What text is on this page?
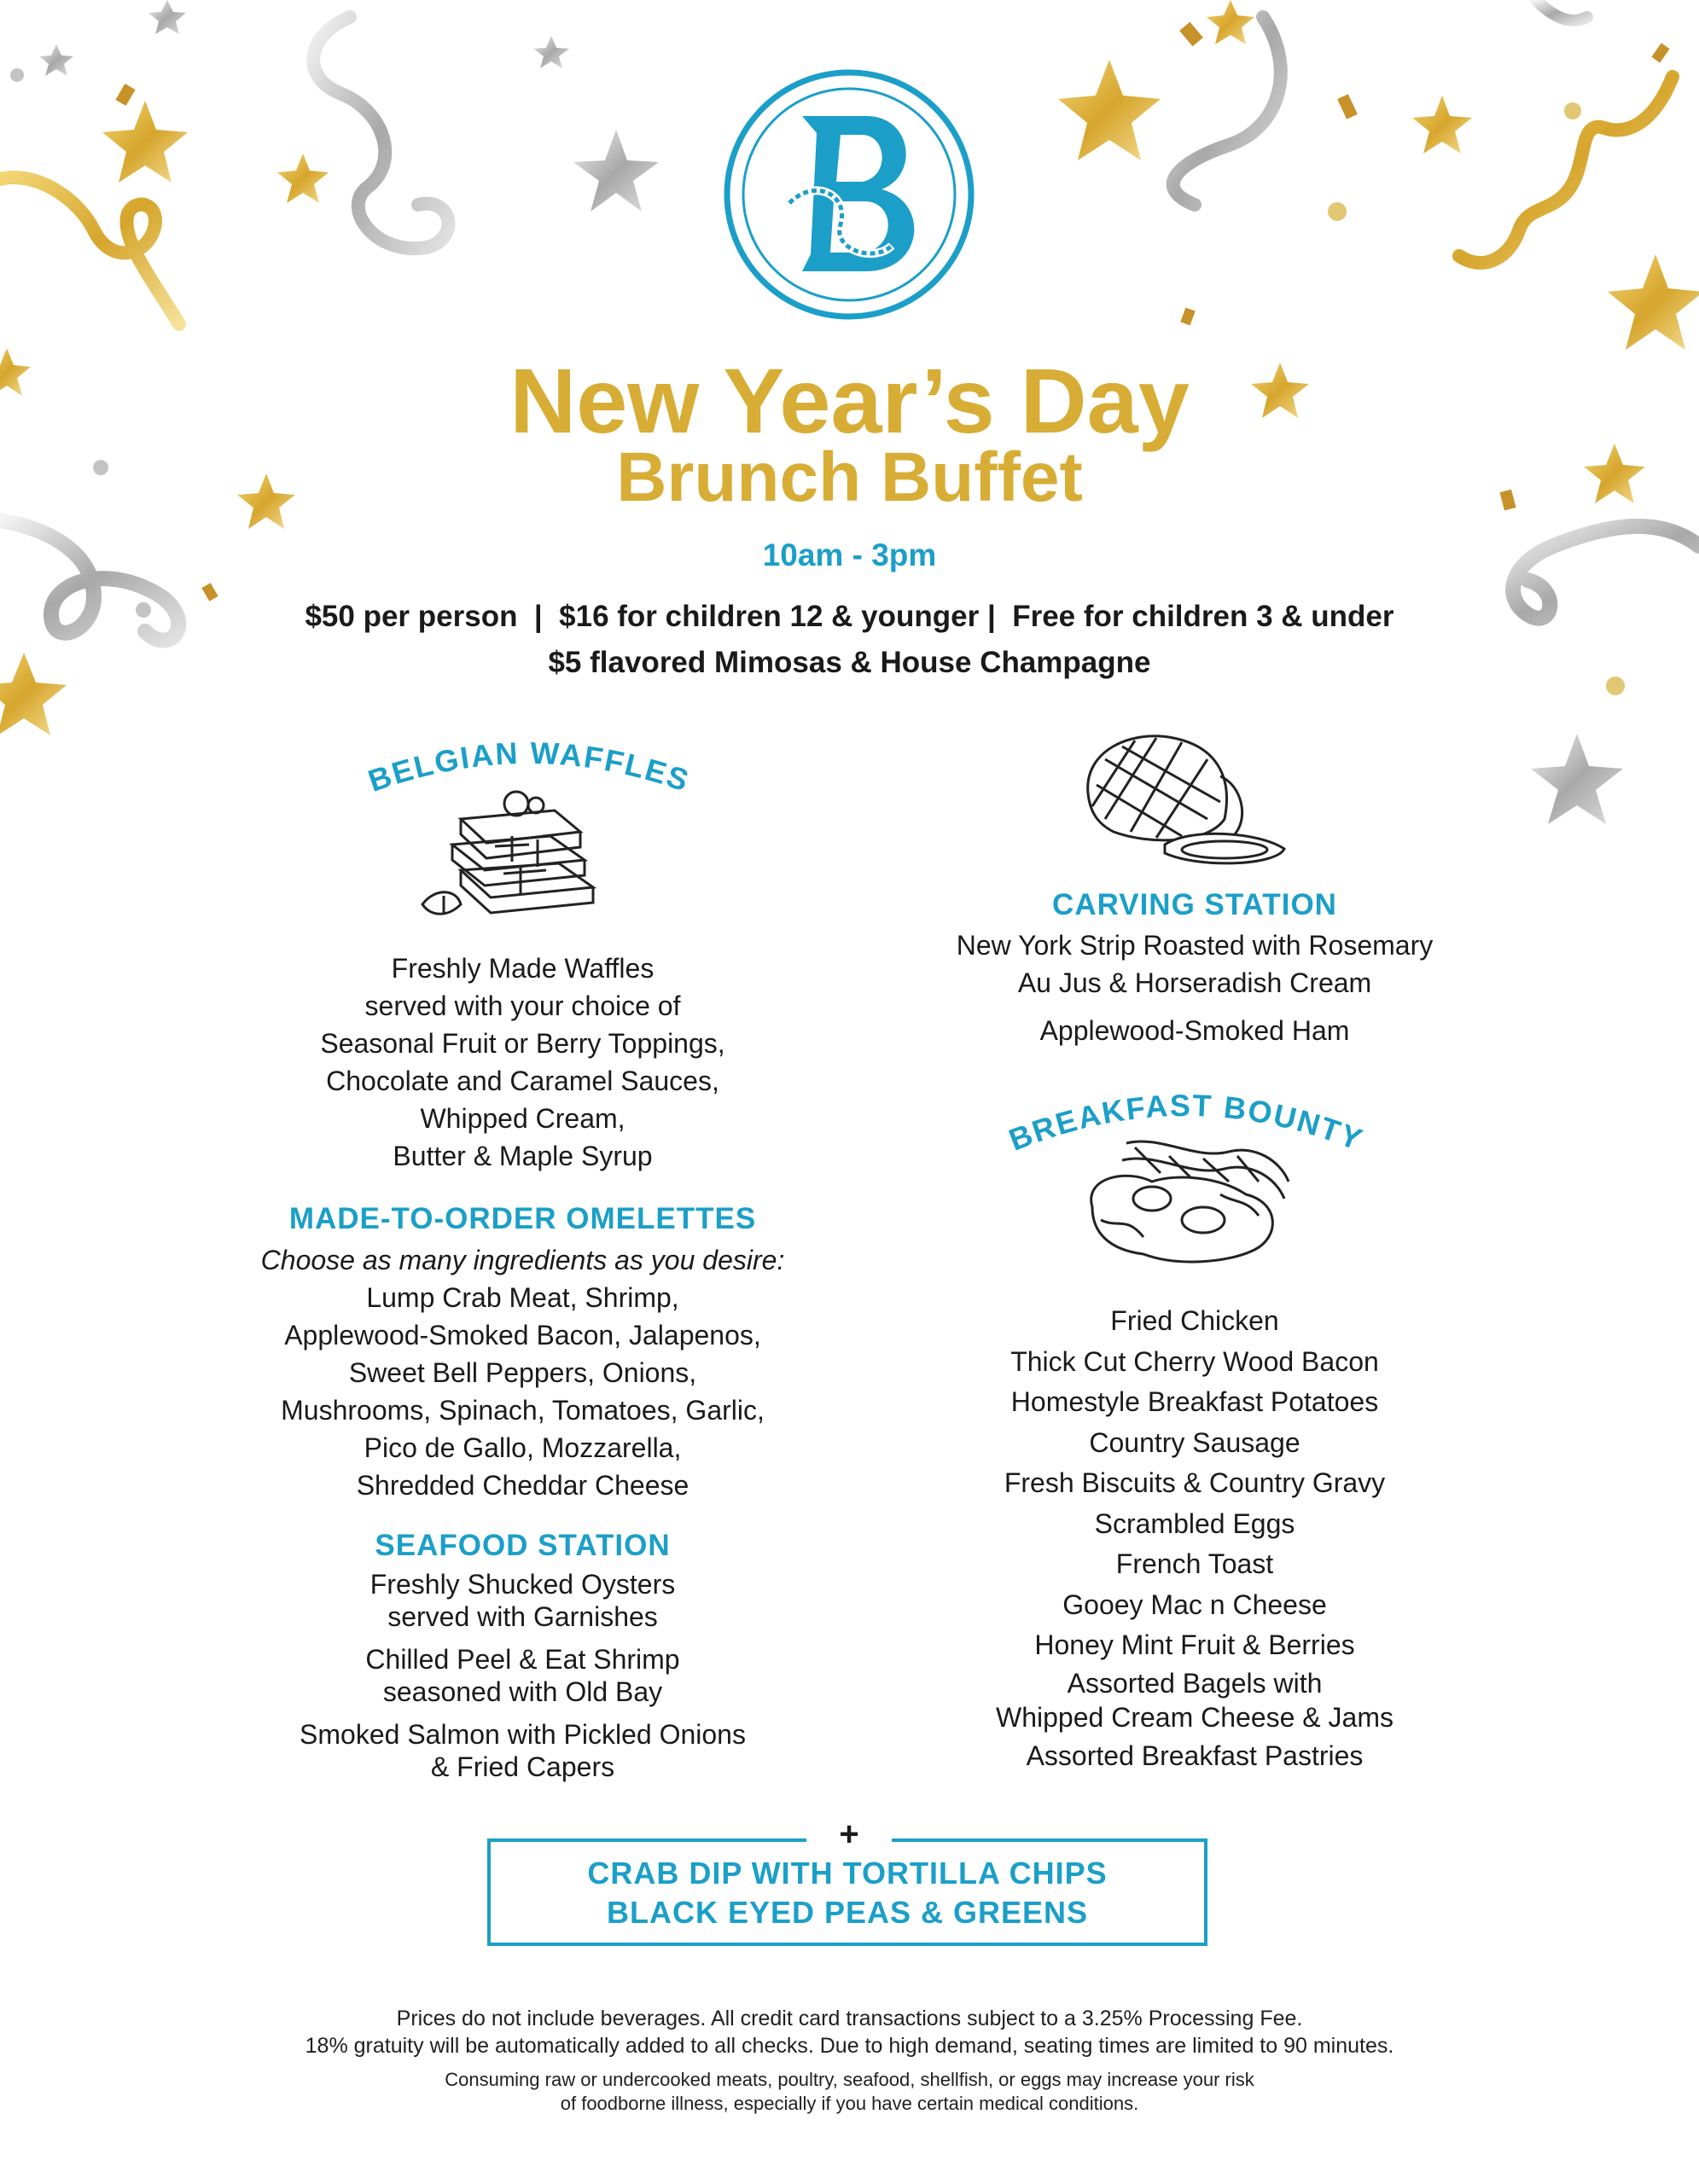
New Year’s Day
Brunch Buffet
10am - 3pm
$50 per person  |  $16 for children 12 & younger |  Free for children 3 & under
$5 flavored Mimosas & House Champagne
BELGIAN WAFFLES
Freshly Made Waffles
served with your choice of
Seasonal Fruit or Berry Toppings,
Chocolate and Caramel Sauces,
Whipped Cream,
Butter & Maple Syrup
MADE-TO-ORDER OMELETTES
Choose as many ingredients as you desire:
Lump Crab Meat, Shrimp,
Applewood-Smoked Bacon, Jalapenos,
Sweet Bell Peppers, Onions,
Mushrooms, Spinach, Tomatoes, Garlic,
Pico de Gallo, Mozzarella,
Shredded Cheddar Cheese
SEAFOOD STATION
Freshly Shucked Oysters
served with Garnishes
Chilled Peel & Eat Shrimp
seasoned with Old Bay
Smoked Salmon with Pickled Onions
& Fried Capers
CARVING STATION
New York Strip Roasted with Rosemary
Au Jus & Horseradish Cream
Applewood-Smoked Ham
BREAKFAST BOUNTY
Fried Chicken
Thick Cut Cherry Wood Bacon
Homestyle Breakfast Potatoes
Country Sausage
Fresh Biscuits & Country Gravy
Scrambled Eggs
French Toast
Gooey Mac n Cheese
Honey Mint Fruit & Berries
Assorted Bagels with
Whipped Cream Cheese & Jams
Assorted Breakfast Pastries
CRAB DIP WITH TORTILLA CHIPS
BLACK EYED PEAS & GREENS
+
Prices do not include beverages. All credit card transactions subject to a 3.25% Processing Fee.
18% gratuity will be automatically added to all checks. Due to high demand, seating times are limited to 90 minutes.
Consuming raw or undercooked meats, poultry, seafood, shellfish, or eggs may increase your risk
of foodborne illness, especially if you have certain medical conditions.
